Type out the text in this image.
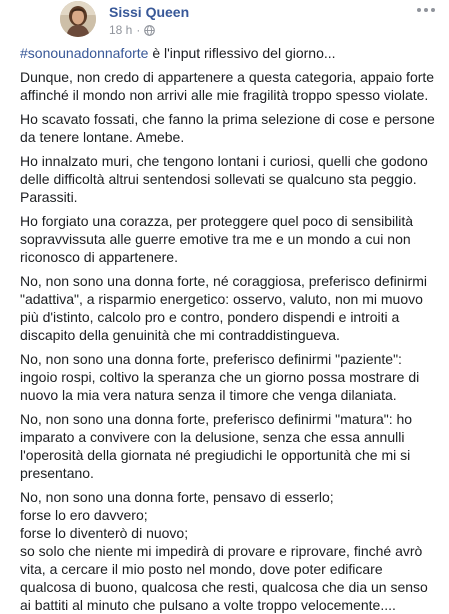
Sissi Queen
18 h ·

#sonounadonnaforte è l'input riflessivo del giorno...

Dunque, non credo di appartenere a questa categoria, appaio forte affinché il mondo non arrivi alle mie fragilità troppo spesso violate.

Ho scavato fossati, che fanno la prima selezione di cose e persone da tenere lontane. Amebe.

Ho innalzato muri, che tengono lontani i curiosi, quelli che godono delle difficoltà altrui sentendosi sollevati se qualcuno sta peggio. Parassiti.

Ho forgiato una corazza, per proteggere quel poco di sensibilità sopravvissuta alle guerre emotive tra me e un mondo a cui non riconosco di appartenere.

No, non sono una donna forte, né coraggiosa, preferisco definirmi "adattiva", a risparmio energetico: osservo, valuto, non mi muovo più d'istinto, calcolo pro e contro, pondero dispendi e introiti a discapito della genuinità che mi contraddistingueva.

No, non sono una donna forte, preferisco definirmi "paziente": ingoio rospi, coltivo la speranza che un giorno possa mostrare di nuovo la mia vera natura senza il timore che venga dilaniata.

No, non sono una donna forte, preferisco definirmi "matura": ho imparato a convivere con la delusione, senza che essa annulli l'operosità della giornata né pregiudichi le opportunità che mi si presentano.

No, non sono una donna forte, pensavo di esserlo;
forse lo ero davvero;
forse lo diventerò di nuovo;
so solo che niente mi impedirà di provare e riprovare, finché avrò vita, a cercare il mio posto nel mondo, dove poter edificare qualcosa di buono, qualcosa che resti, qualcosa che dia un senso ai battiti al minuto che pulsano a volte troppo velocemente....
